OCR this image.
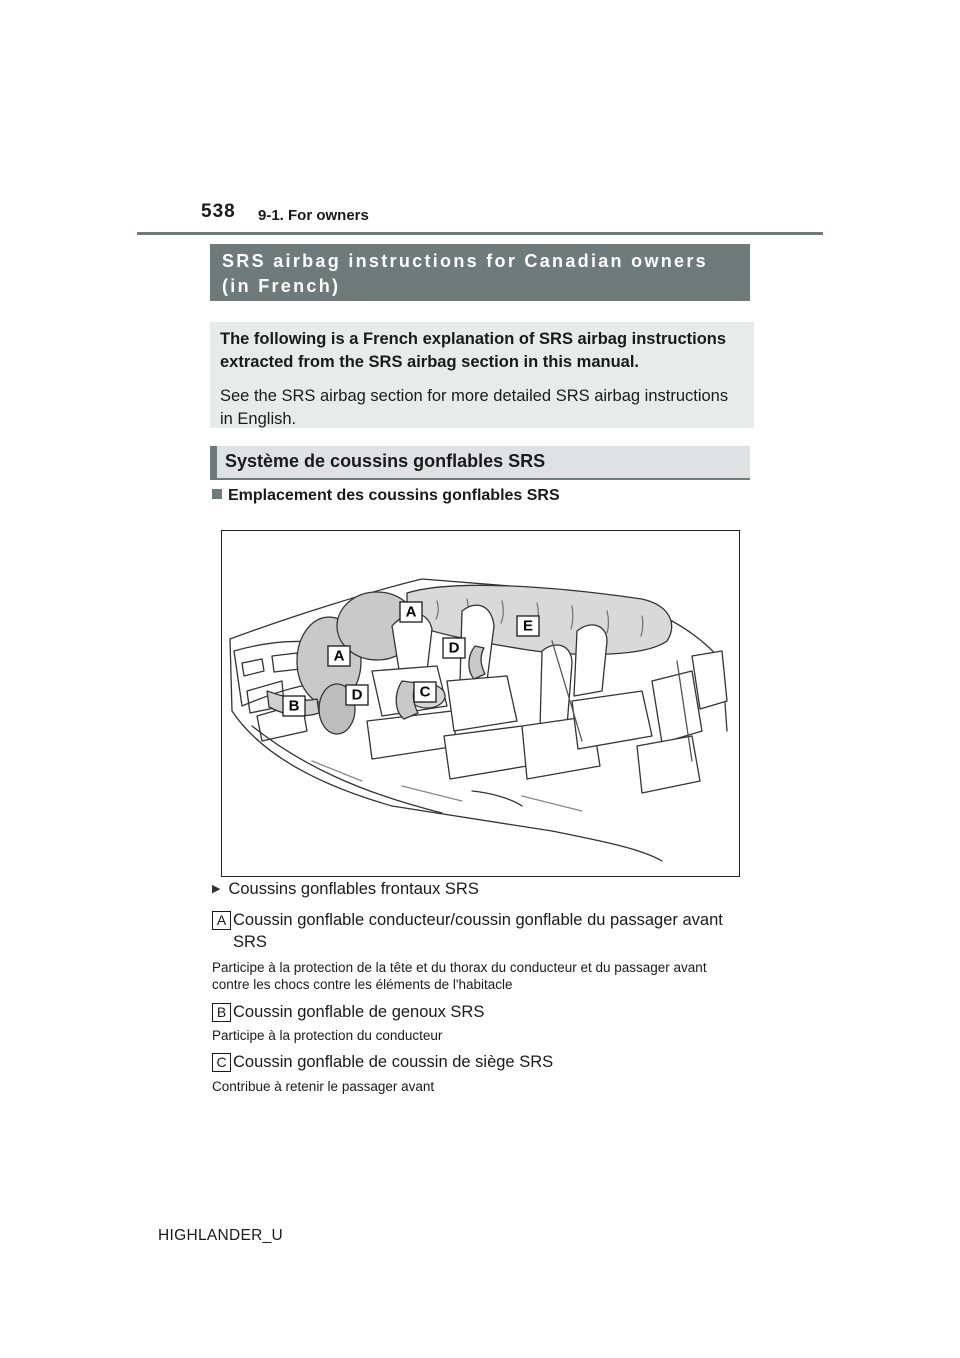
538 9-1. For owners
SRS airbag instructions for Canadian owners (in French)
The following is a French explanation of SRS airbag instructions extracted from the SRS airbag section in this manual.
See the SRS airbag section for more detailed SRS airbag instructions in English.
Système de coussins gonflables SRS
Emplacement des coussins gonflables SRS
A
A
B
C
D
D
E
▶ Coussins gonflables frontaux SRS
A Coussin gonflable conducteur/coussin gonflable du passager avant SRS
Participe à la protection de la tête et du thorax du conducteur et du passager avant contre les chocs contre les éléments de l'habitacle
B Coussin gonflable de genoux SRS
Participe à la protection du conducteur
C Coussin gonflable de coussin de siège SRS
Contribue à retenir le passager avant
HIGHLANDER_U
